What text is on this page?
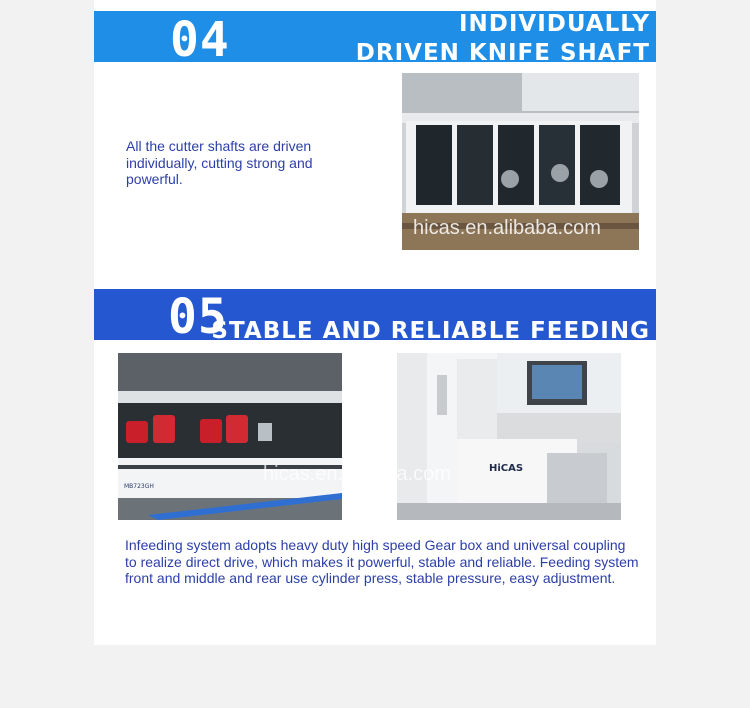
04	INDIVIDUALLY
DRIVEN KNIFE SHAFT
All the cutter shafts are driven individually, cutting strong and powerful.
hicas.en.alibaba.com
05
STABLE AND RELIABLE FEEDING
MB723GH
HiCAS
hicas.en.alibaba.com
Infeeding system adopts heavy duty high speed Gear box and universal coupling to realize direct drive, which makes it powerful, stable and reliable. Feeding system front and middle and rear use cylinder press, stable pressure, easy adjustment.
